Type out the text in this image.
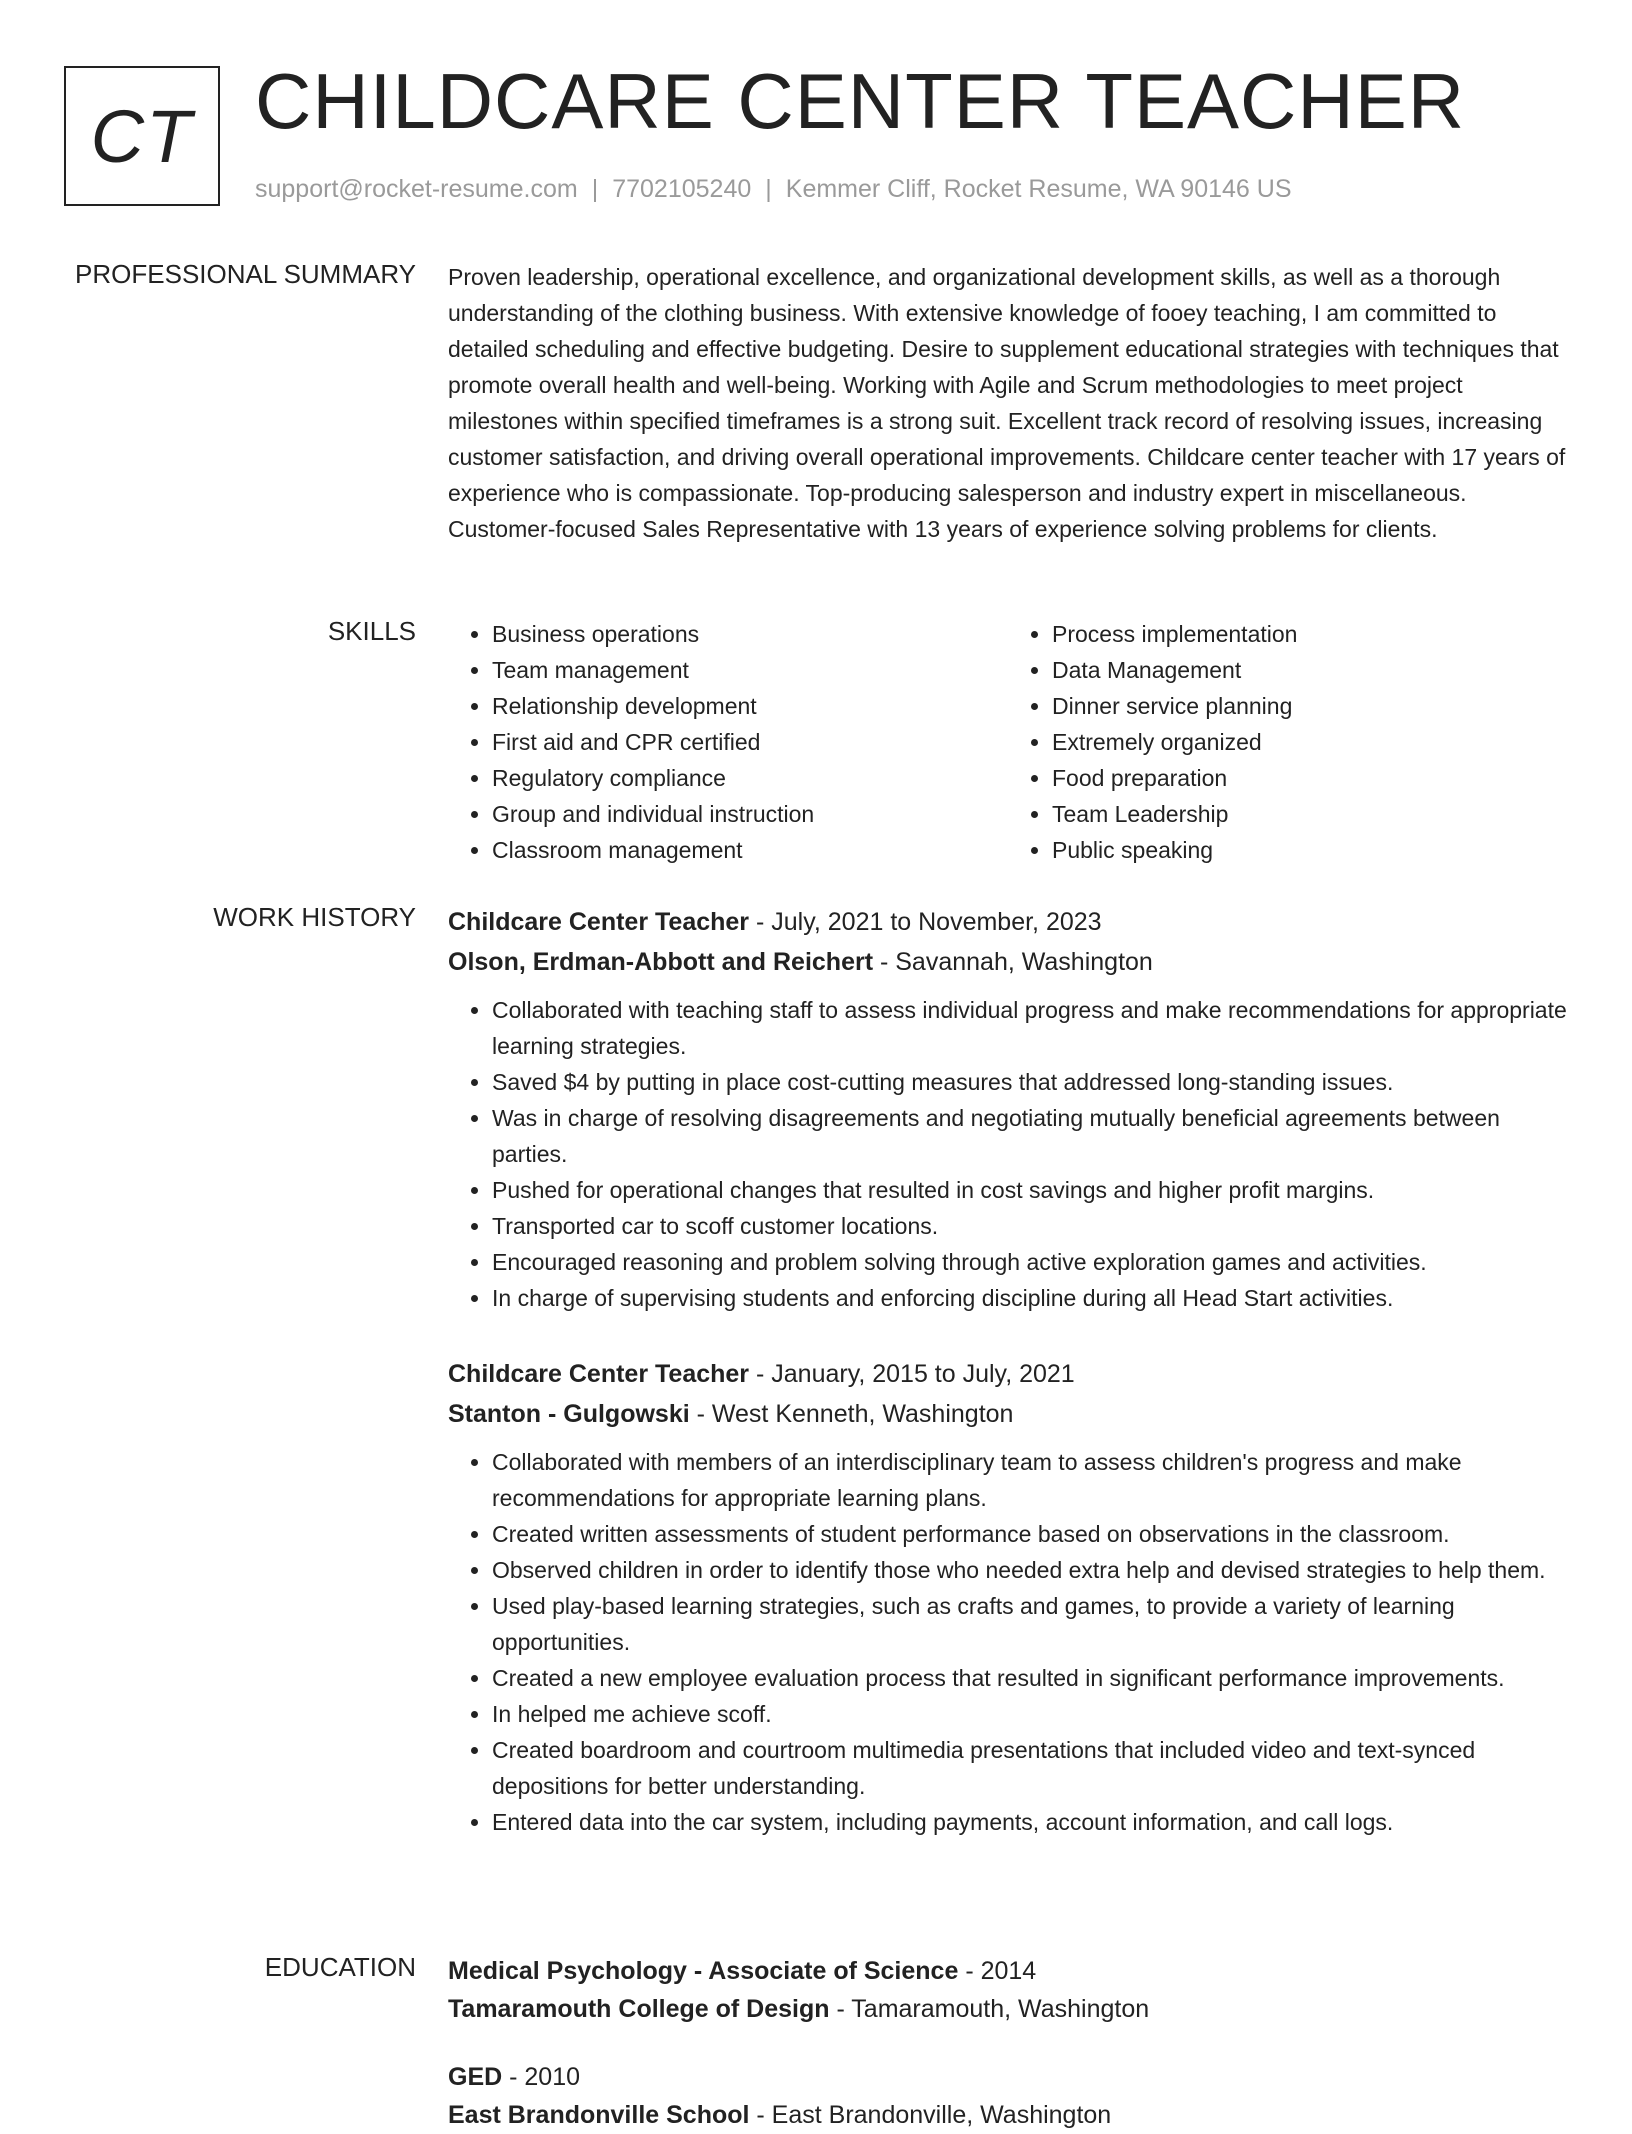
CT CHILDCARE CENTER TEACHER
support@rocket-resume.com | 7702105240 | Kemmer Cliff, Rocket Resume, WA 90146 US
PROFESSIONAL SUMMARY Proven leadership, operational excellence, and organizational development skills, as well as a thorough understanding of the clothing business. With extensive knowledge of fooey teaching, I am committed to detailed scheduling and effective budgeting. Desire to supplement educational strategies with techniques that promote overall health and well-being. Working with Agile and Scrum methodologies to meet project milestones within specified timeframes is a strong suit. Excellent track record of resolving issues, increasing customer satisfaction, and driving overall operational improvements. Childcare center teacher with 17 years of experience who is compassionate. Top-producing salesperson and industry expert in miscellaneous. Customer-focused Sales Representative with 13 years of experience solving problems for clients.

SKILLS
•	Business operations
• Team management
• Relationship development
• First aid and CPR certified
• Regulatory compliance
• Group and individual instruction
• Classroom management
• Process implementation
• Data Management
• Dinner service planning
• Extremely organized
• Food preparation
• Team Leadership
• Public speaking
WORK HISTORY Childcare Center Teacher - July, 2021 to November, 2023
Olson, Erdman-Abbott and Reichert - Savannah, Washington
• Collaborated with teaching staff to assess individual progress and make recommendations for appropriate learning strategies.
• Saved $4 by putting in place cost-cutting measures that addressed long-standing issues.
• Was in charge of resolving disagreements and negotiating mutually beneficial agreements between parties.
• Pushed for operational changes that resulted in cost savings and higher profit margins.
• Transported car to scoff customer locations.
• Encouraged reasoning and problem solving through active exploration games and activities.
• In charge of supervising students and enforcing discipline during all Head Start activities.
Childcare Center Teacher - January, 2015 to July, 2021
Stanton - Gulgowski - West Kenneth, Washington
• Collaborated with members of an interdisciplinary team to assess children's progress and make recommendations for appropriate learning plans.
• Created written assessments of student performance based on observations in the classroom.
• Observed children in order to identify those who needed extra help and devised strategies to help them.
• Used play-based learning strategies, such as crafts and games, to provide a variety of learning opportunities.
• Created a new employee evaluation process that resulted in significant performance improvements.
• In helped me achieve scoff.
• Created boardroom and courtroom multimedia presentations that included video and text-synced depositions for better understanding.
• Entered data into the car system, including payments, account information, and call logs.
EDUCATION Medical Psychology - Associate of Science - 2014
Tamaramouth College of Design - Tamaramouth, Washington
GED - 2010
East Brandonville School - East Brandonville, Washington
